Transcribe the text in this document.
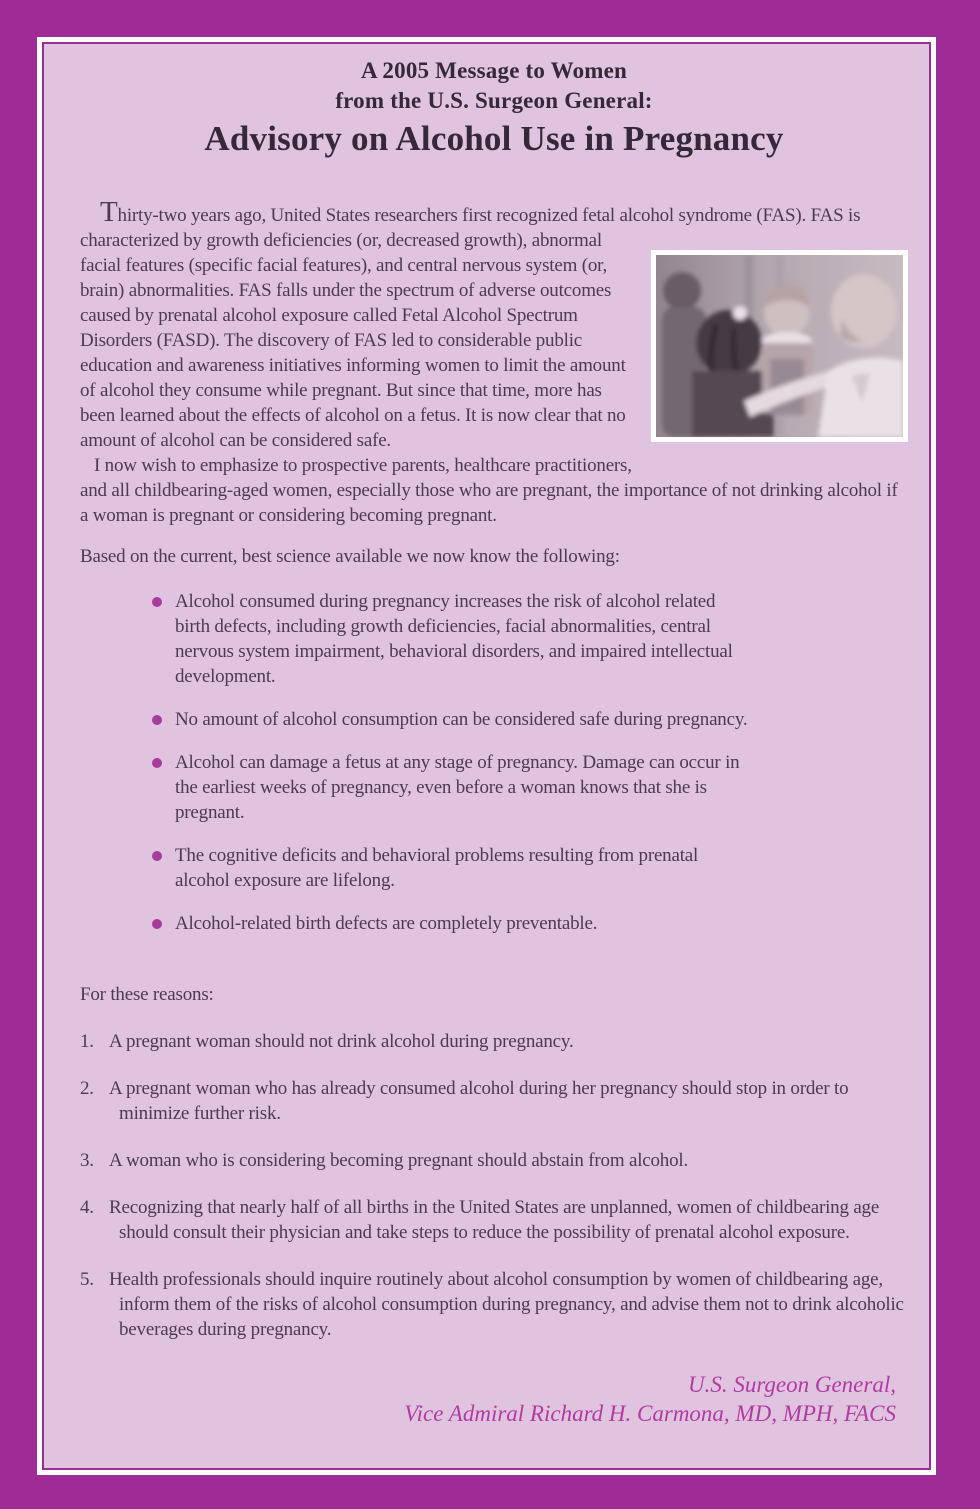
A 2005 Message to Women
from the U.S. Surgeon General:
Advisory on Alcohol Use in Pregnancy

Thirty-two years ago, United States researchers first recognized fetal alcohol syndrome (FAS). FAS is characterized by growth deficiencies (or, decreased growth), abnormal facial features (specific facial features), and central nervous system (or, brain) abnormalities. FAS falls under the spectrum of adverse outcomes caused by prenatal alcohol exposure called Fetal Alcohol Spectrum Disorders (FASD). The discovery of FAS led to considerable public education and awareness initiatives informing women to limit the amount of alcohol they consume while pregnant. But since that time, more has been learned about the effects of alcohol on a fetus. It is now clear that no amount of alcohol can be considered safe.

I now wish to emphasize to prospective parents, healthcare practitioners, and all childbearing-aged women, especially those who are pregnant, the importance of not drinking alcohol if a woman is pregnant or considering becoming pregnant.

Based on the current, best science available we now know the following:

Alcohol consumed during pregnancy increases the risk of alcohol related birth defects, including growth deficiencies, facial abnormalities, central nervous system impairment, behavioral disorders, and impaired intellectual development.
No amount of alcohol consumption can be considered safe during pregnancy.
Alcohol can damage a fetus at any stage of pregnancy. Damage can occur in the earliest weeks of pregnancy, even before a woman knows that she is pregnant.
The cognitive deficits and behavioral problems resulting from prenatal alcohol exposure are lifelong.
Alcohol-related birth defects are completely preventable.

For these reasons:

1. A pregnant woman should not drink alcohol during pregnancy.
2. A pregnant woman who has already consumed alcohol during her pregnancy should stop in order to minimize further risk.
3. A woman who is considering becoming pregnant should abstain from alcohol.
4. Recognizing that nearly half of all births in the United States are unplanned, women of childbearing age should consult their physician and take steps to reduce the possibility of prenatal alcohol exposure.
5. Health professionals should inquire routinely about alcohol consumption by women of childbearing age, inform them of the risks of alcohol consumption during pregnancy, and advise them not to drink alcoholic beverages during pregnancy.
U.S. Surgeon General,
Vice Admiral Richard H. Carmona, MD, MPH, FACS
